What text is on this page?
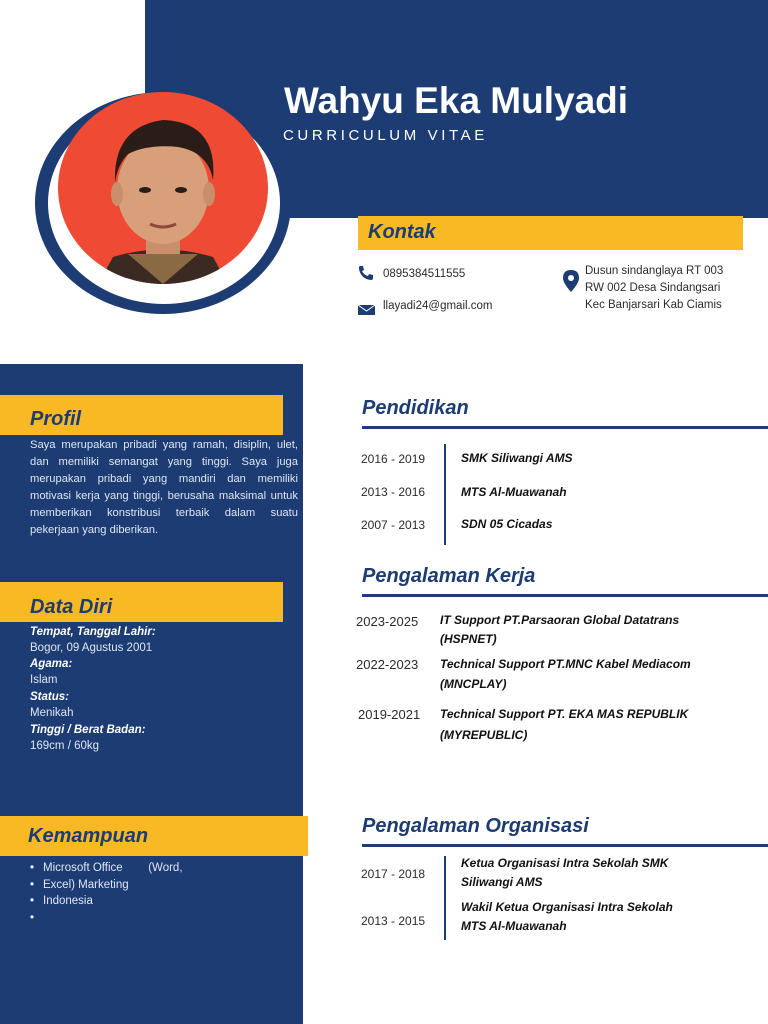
Wahyu Eka Mulyadi
CURRICULUM VITAE
Kontak
0895384511555
llayadi24@gmail.com
Dusun sindanglaya RT 003
RW 002 Desa Sindangsari
Kec Banjarsari Kab Ciamis
Profil
Saya merupakan pribadi yang ramah, disiplin, ulet, dan memiliki semangat yang tinggi. Saya juga merupakan pribadi yang mandiri dan memiliki motivasi kerja yang tinggi, berusaha maksimal untuk memberikan konstribusi terbaik dalam suatu pekerjaan yang diberikan.
Data Diri
Tempat, Tanggal Lahir:
Bogor, 09 Agustus 2001
Agama:
Islam
Status:
Menikah
Tinggi / Berat Badan:
169cm / 60kg
Kemampuan
• Microsoft Office        (Word,
• Excel) Marketing
• Indonesia
•
Pendidikan
2016 - 2019	SMK Siliwangi AMS
2013 - 2016	MTS Al-Muawanah
2007 - 2013	SDN 05 Cicadas
Pengalaman Kerja
2023-2025 IT Support PT.Parsaoran Global Datatrans
(HSPNET)
2022-2023 Technical Support PT.MNC Kabel Mediacom
(MNCPLAY)
2019-2021 Technical Support PT. EKA MAS REPUBLIK
(MYREPUBLIC)
Pengalaman Organisasi
2017 - 2018
Ketua Organisasi Intra Sekolah SMK
Siliwangi AMS
2013 - 2015
Wakil Ketua Organisasi Intra Sekolah
MTS Al-Muawanah
